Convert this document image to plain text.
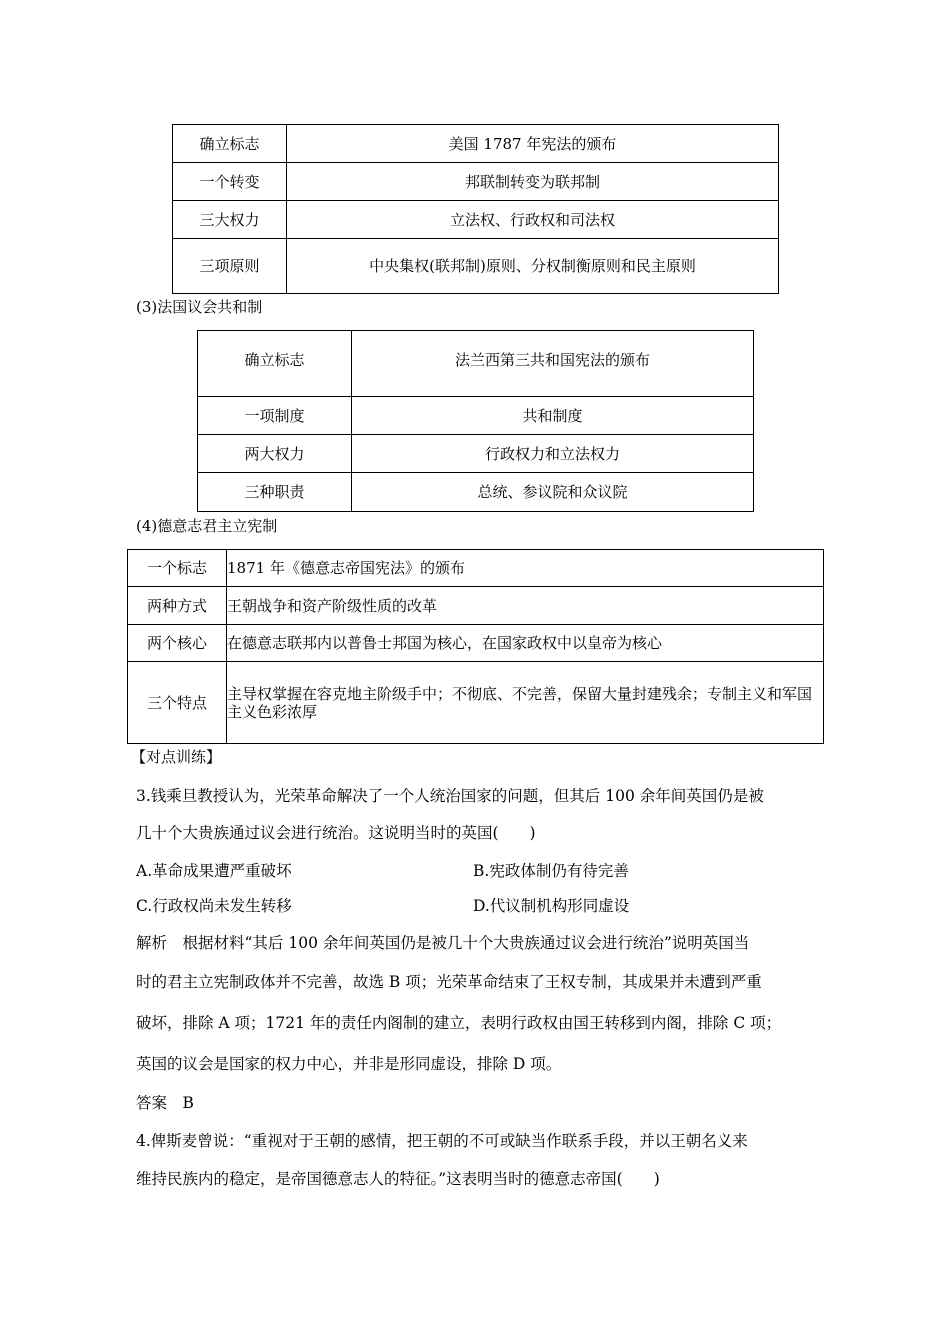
确立标志	美国 1787 年宪法的颁布
一个转变	邦联制转变为联邦制
三大权力	立法权、行政权和司法权
三项原则	中央集权(联邦制)原则、分权制衡原则和民主原则
(3)法国议会共和制
确立标志	法兰西第三共和国宪法的颁布
一项制度	共和制度
两大权力	行政权力和立法权力
三种职责	总统、参议院和众议院
(4)德意志君主立宪制
一个标志	1871 年《德意志帝国宪法》的颁布
两种方式	王朝战争和资产阶级性质的改革
两个核心	在德意志联邦内以普鲁士邦国为核心，在国家政权中以皇帝为核心
三个特点	主导权掌握在容克地主阶级手中；不彻底、不完善，保留大量封建残余；专制主义和军国主义色彩浓厚
【对点训练】
3.钱乘旦教授认为，光荣革命解决了一个人统治国家的问题，但其后 100 余年间英国仍是被
几十个大贵族通过议会进行统治。这说明当时的英国(　　)
A.革命成果遭严重破坏	B.宪政体制仍有待完善
C.行政权尚未发生转移	D.代议制机构形同虚设
解析　根据材料“其后 100 余年间英国仍是被几十个大贵族通过议会进行统治”说明英国当
时的君主立宪制政体并不完善，故选 B 项；光荣革命结束了王权专制，其成果并未遭到严重
破坏，排除 A 项；1721 年的责任内阁制的建立，表明行政权由国王转移到内阁，排除 C 项；
英国的议会是国家的权力中心，并非是形同虚设，排除 D 项。
答案　B
4.俾斯麦曾说：“重视对于王朝的感情，把王朝的不可或缺当作联系手段，并以王朝名义来
维持民族内的稳定，是帝国德意志人的特征。”这表明当时的德意志帝国(　　)
